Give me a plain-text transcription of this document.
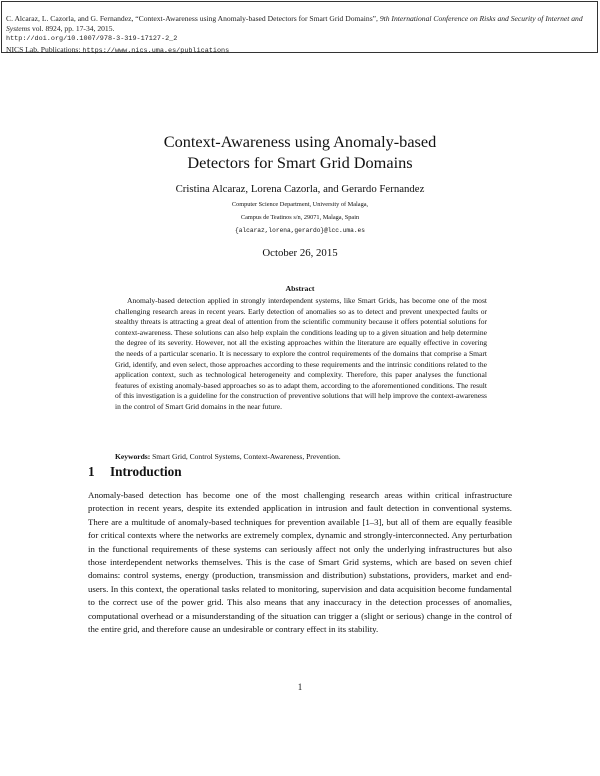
C. Alcaraz, L. Cazorla, and G. Fernandez, “Context-Awareness using Anomaly-based Detectors for Smart Grid Domains”, 9th International Conference on Risks and Security of Internet and Systems vol. 8924, pp. 17-34, 2015.
http://doi.org/10.1007/978-3-319-17127-2_2
NICS Lab. Publications: https://www.nics.uma.es/publications
Context-Awareness using Anomaly-based
Detectors for Smart Grid Domains
Cristina Alcaraz, Lorena Cazorla, and Gerardo Fernandez
Computer Science Department, University of Malaga,
Campus de Teatinos s/n, 29071, Malaga, Spain
{alcaraz,lorena,gerardo}@lcc.uma.es
October 26, 2015
Abstract

Anomaly-based detection applied in strongly interdependent systems, like Smart Grids, has become one of the most challenging research areas in recent years. Early detection of anomalies so as to detect and prevent unexpected faults or stealthy threats is attracting a great deal of attention from the scientific community because it offers potential solutions for context-awareness. These solutions can also help explain the conditions leading up to a given situation and help determine the degree of its severity. However, not all the existing approaches within the literature are equally effective in covering the needs of a particular scenario. It is necessary to explore the control requirements of the domains that comprise a Smart Grid, identify, and even select, those approaches according to these requirements and the intrinsic conditions related to the application context, such as technological heterogeneity and complexity. Therefore, this paper analyses the functional features of existing anomaly-based approaches so as to adapt them, according to the aforementioned conditions. The result of this investigation is a guideline for the construction of preventive solutions that will help improve the context-awareness in the control of Smart Grid domains in the near future.

Keywords: Smart Grid, Control Systems, Context-Awareness, Prevention.

1 Introduction

Anomaly-based detection has become one of the most challenging research areas within critical infrastructure protection in recent years, despite its extended application in intrusion and fault detection in conventional systems. There are a multitude of anomaly-based techniques for prevention available [1–3], but all of them are equally feasible for critical contexts where the networks are extremely complex, dynamic and strongly-interconnected. Any perturbation in the functional requirements of these systems can seriously affect not only the underlying infrastructures but also those interdependent networks themselves. This is the case of Smart Grid systems, which are based on seven chief domains: control systems, energy (production, transmission and distribution) substations, providers, market and end-users. In this context, the operational tasks related to monitoring, supervision and data acquisition become fundamental to the correct use of the power grid. This also means that any inaccuracy in the detection processes of anomalies, computational overhead or a misunderstanding of the situation can trigger a (slight or serious) change in the control of the entire grid, and therefore cause an undesirable or contrary effect in its stability.

1
